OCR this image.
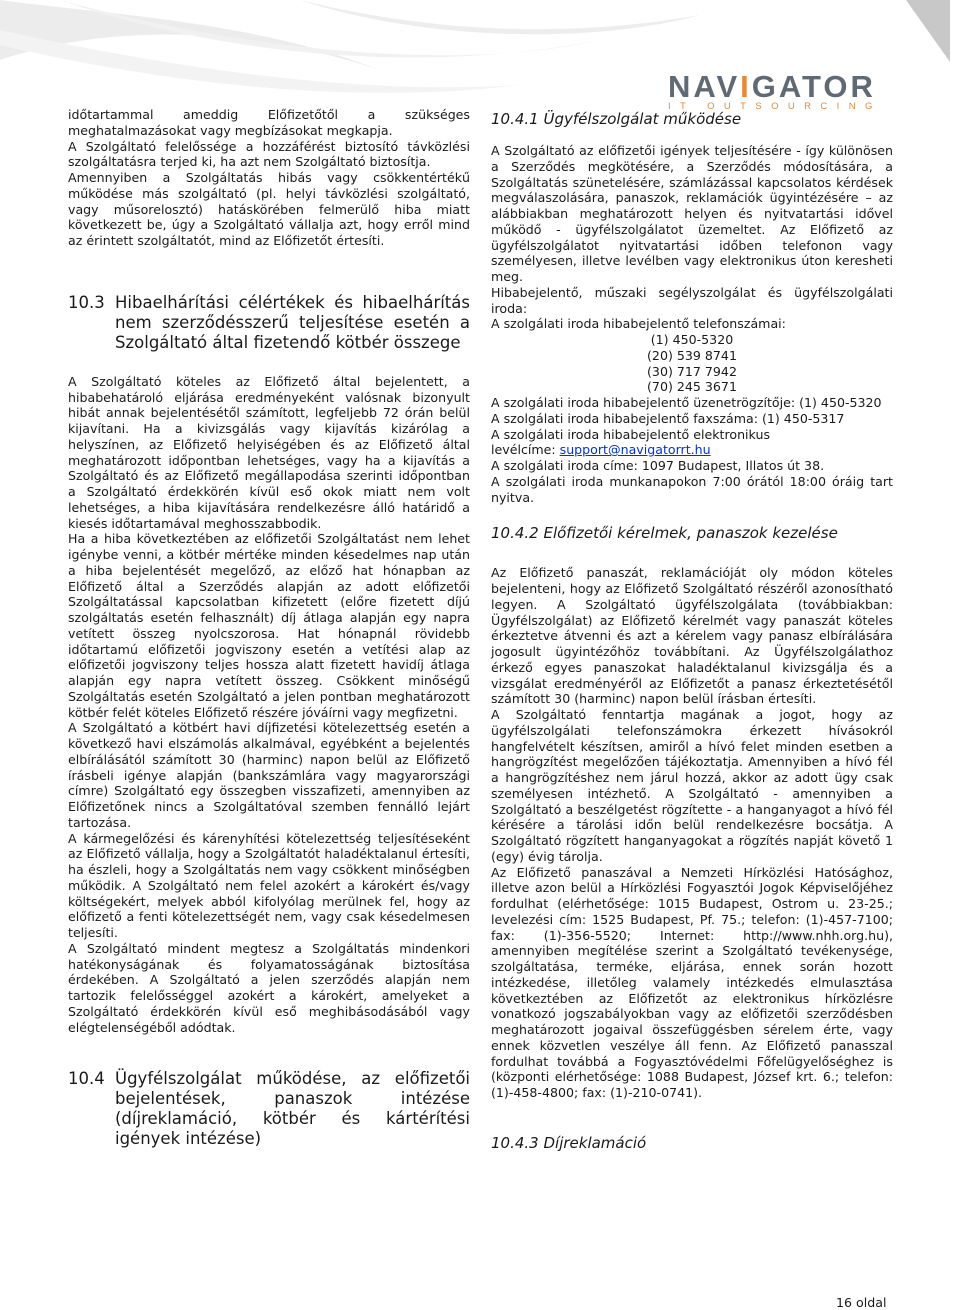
NAVIGATOR
IT OUTSOURCING

időtartammal ameddig Előfizetőtől a szükséges meghatalmazásokat vagy megbízásokat megkapja.

A Szolgáltató felelőssége a hozzáférést biztosító távközlési szolgáltatásra terjed ki, ha azt nem Szolgáltató biztosítja.

Amennyiben a Szolgáltatás hibás vagy csökkentértékű működése más szolgáltató (pl. helyi távközlési szolgáltató, vagy műsorelosztó) hatáskörében felmerülő hiba miatt következett be, úgy a Szolgáltató vállalja azt, hogy erről mind az érintett szolgáltatót, mind az Előfizetőt értesíti.

10.3 Hibaelhárítási célértékek és hibaelhárítás nem szerződésszerű teljesítése esetén a Szolgáltató által fizetendő kötbér összege

A Szolgáltató köteles az Előfizető által bejelentett, a hibabehatároló eljárása eredményeként valósnak bizonyult hibát annak bejelentésétől számított, legfeljebb 72 órán belül kijavítani. Ha a kivizsgálás vagy kijavítás kizárólag a helyszínen, az Előfizető helyiségében és az Előfizető által meghatározott időpontban lehetséges, vagy ha a kijavítás a Szolgáltató és az Előfizető megállapodása szerinti időpontban a Szolgáltató érdekkörén kívül eső okok miatt nem volt lehetséges, a hiba kijavítására rendelkezésre álló határidő a kiesés időtartamával meghosszabbodik.

Ha a hiba következtében az előfizetői Szolgáltatást nem lehet igénybe venni, a kötbér mértéke minden késedelmes nap után a hiba bejelentését megelőző, az előző hat hónapban az Előfizető által a Szerződés alapján az adott előfizetői Szolgáltatással kapcsolatban kifizetett (előre fizetett díjú szolgáltatás esetén felhasznált) díj átlaga alapján egy napra vetített összeg nyolcszorosa. Hat hónapnál rövidebb időtartamú előfizetői jogviszony esetén a vetítési alap az előfizetői jogviszony teljes hossza alatt fizetett havidíj átlaga alapján egy napra vetített összeg. Csökkent minőségű Szolgáltatás esetén Szolgáltató a jelen pontban meghatározott kötbér felét köteles Előfizető részére jóváírni vagy megfizetni.

A Szolgáltató a kötbért havi díjfizetési kötelezettség esetén a következő havi elszámolás alkalmával, egyébként a bejelentés elbírálásától számított 30 (harminc) napon belül az Előfizető írásbeli igénye alapján (bankszámlára vagy magyarországi címre) Szolgáltató egy összegben visszafizeti, amennyiben az Előfizetőnek nincs a Szolgáltatóval szemben fennálló lejárt tartozása.

A kármegelőzési és kárenyhítési kötelezettség teljesítéseként az Előfizető vállalja, hogy a Szolgáltatót haladéktalanul értesíti, ha észleli, hogy a Szolgáltatás nem vagy csökkent minőségben működik. A Szolgáltató nem felel azokért a károkért és/vagy költségekért, melyek abból kifolyólag merülnek fel, hogy az előfizető a fenti kötelezettségét nem, vagy csak késedelmesen teljesíti.

A Szolgáltató mindent megtesz a Szolgáltatás mindenkori hatékonyságának és folyamatosságának biztosítása érdekében. A Szolgáltató a jelen szerződés alapján nem tartozik felelősséggel azokért a károkért, amelyeket a Szolgáltató érdekkörén kívül eső meghibásodásából vagy elégtelenségéből adódtak.

10.4 Ügyfélszolgálat működése, az előfizetői bejelentések, panaszok intézése (díjreklamáció, kötbér és kártérítési igények intézése)
10.4.1 Ügyfélszolgálat működése

A Szolgáltató az előfizetői igények teljesítésére - így különösen a Szerződés megkötésére, a Szerződés módosítására, a Szolgáltatás szünetelésére, számlázással kapcsolatos kérdések megválaszolására, panaszok, reklamációk ügyintézésére – az alábbiakban meghatározott helyen és nyitvatartási idővel működő - ügyfélszolgálatot üzemeltet. Az Előfizető az ügyfélszolgálatot nyitvatartási időben telefonon vagy személyesen, illetve levélben vagy elektronikus úton keresheti meg.

Hibabejelentő, műszaki segélyszolgálat és ügyfélszolgálati iroda:

A szolgálati iroda hibabejelentő telefonszámai:

(1) 450-5320

(20) 539 8741

(30) 717 7942

(70) 245 3671

A szolgálati iroda hibabejelentő üzenetrögzítője: (1) 450-5320

A szolgálati iroda hibabejelentő faxszáma: (1) 450-5317

A szolgálati iroda hibabejelentő elektronikus

levélcíme: support@navigatorrt.hu

A szolgálati iroda címe: 1097 Budapest, Illatos út 38.

A szolgálati iroda munkanapokon 7:00 órától 18:00 óráig tart nyitva.

10.4.2 Előfizetői kérelmek, panaszok kezelése

Az Előfizető panaszát, reklamációját oly módon köteles bejelenteni, hogy az Előfizető Szolgáltató részéről azonosítható legyen. A Szolgáltató ügyfélszolgálata (továbbiakban: Ügyfélszolgálat) az Előfizető kérelmét vagy panaszát köteles érkeztetve átvenni és azt a kérelem vagy panasz elbírálására jogosult ügyintézőhöz továbbítani. Az Ügyfélszolgálathoz érkező egyes panaszokat haladéktalanul kivizsgálja és a vizsgálat eredményéről az Előfizetőt a panasz érkeztetésétől számított 30 (harminc) napon belül írásban értesíti.

A Szolgáltató fenntartja magának a jogot, hogy az ügyfélszolgálati telefonszámokra érkezett hívásokról hangfelvételt készítsen, amiről a hívó felet minden esetben a hangrögzítést megelőzően tájékoztatja. Amennyiben a hívó fél a hangrögzítéshez nem járul hozzá, akkor az adott ügy csak személyesen intézhető. A Szolgáltató - amennyiben a Szolgáltató a beszélgetést rögzítette - a hanganyagot a hívó fél kérésére a tárolási időn belül rendelkezésre bocsátja. A Szolgáltató rögzített hanganyagokat a rögzítés napját követő 1 (egy) évig tárolja.

Az Előfizető panaszával a Nemzeti Hírközlési Hatósághoz, illetve azon belül a Hírközlési Fogyasztói Jogok Képviselőjéhez fordulhat (elérhetősége: 1015 Budapest, Ostrom u. 23-25.; levelezési cím: 1525 Budapest, Pf. 75.; telefon: (1)-457-7100; fax: (1)-356-5520; Internet: http://www.nhh.org.hu), amennyiben megítélése szerint a Szolgáltató tevékenysége, szolgáltatása, terméke, eljárása, ennek során hozott intézkedése, illetőleg valamely intézkedés elmulasztása következtében az Előfizetőt az elektronikus hírközlésre vonatkozó jogszabályokban vagy az előfizetői szerződésben meghatározott jogaival összefüggésben sérelem érte, vagy ennek közvetlen veszélye áll fenn. Az Előfizető panasszal fordulhat továbbá a Fogyasztóvédelmi Főfelügyelőséghez is (központi elérhetősége: 1088 Budapest, József krt. 6.; telefon: (1)-458-4800; fax: (1)-210-0741).

10.4.3 Díjreklamáció
16 oldal
